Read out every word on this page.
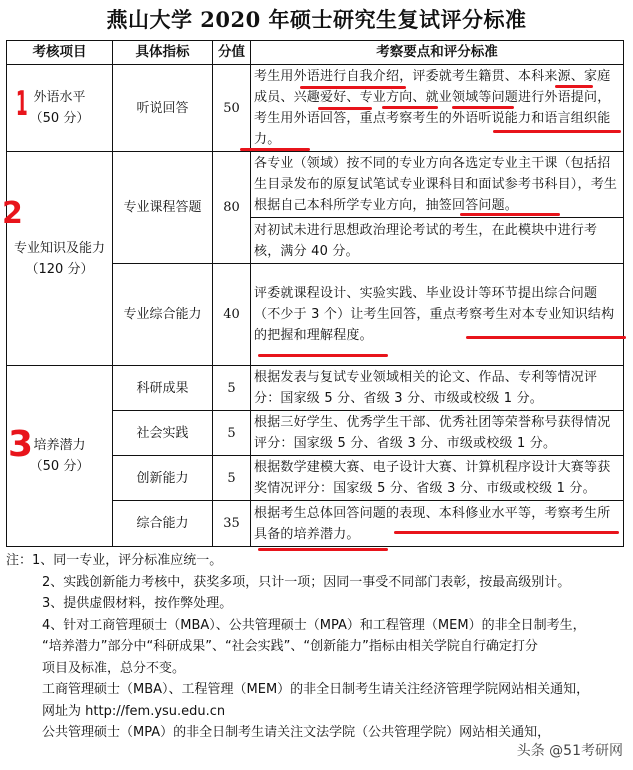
燕山大学 2020 年硕士研究生复试评分标准
考核项目	具体指标	分值	考察要点和评分标准

外语水平
（50 分）	听说回答	50	考生用外语进行自我介绍，评委就考生籍贯、本科来源、家庭成员、兴趣爱好、专业方向、就业领域等问题进行外语提问，考生用外语回答，重点考察考生的外语听说能力和语言组织能力。

专业知识及能力
（120 分）	专业课程答题	80	各专业（领域）按不同的专业方向各选定专业主干课（包括招生目录发布的原复试笔试专业课科目和面试参考书科目），考生根据自己本科所学专业方向，抽签回答问题。
			对初试未进行思想政治理论考试的考生，在此模块中进行考核，满分 40 分。
	专业综合能力	40	评委就课程设计、实验实践、毕业设计等环节提出综合问题（不少于 3 个）让考生回答，重点考察考生对本专业知识结构的把握和理解程度。

培养潜力
（50 分）	科研成果	5	根据发表与复试专业领域相关的论文、作品、专利等情况评分：国家级 5 分、省级 3 分、市级或校级 1 分。
	社会实践	5	根据三好学生、优秀学生干部、优秀社团等荣誉称号获得情况评分：国家级 5 分、省级 3 分、市级或校级 1 分。
	创新能力	5	根据数学建模大赛、电子设计大赛、计算机程序设计大赛等获奖情况评分：国家级 5 分、省级 3 分、市级或校级 1 分。
	综合能力	35	根据考生总体回答问题的表现、本科修业水平等，考察考生所具备的培养潜力。
1
2
3
注：1、同一专业，评分标准应统一。
2、实践创新能力考核中，获奖多项，只计一项；因同一事受不同部门表彰，按最高级别计。
3、提供虚假材料，按作弊处理。
4、针对工商管理硕士（MBA）、公共管理硕士（MPA）和工程管理（MEM）的非全日制考生，
“培养潜力”部分中“科研成果”、“社会实践”、“创新能力”指标由相关学院自行确定打分
项目及标准，总分不变。
工商管理硕士（MBA）、工程管理（MEM）的非全日制考生请关注经济管理学院网站相关通知，
网址为 http://fem.ysu.edu.cn
公共管理硕士（MPA）的非全日制考生请关注文法学院（公共管理学院）网站相关通知，
头条 @51考研网
